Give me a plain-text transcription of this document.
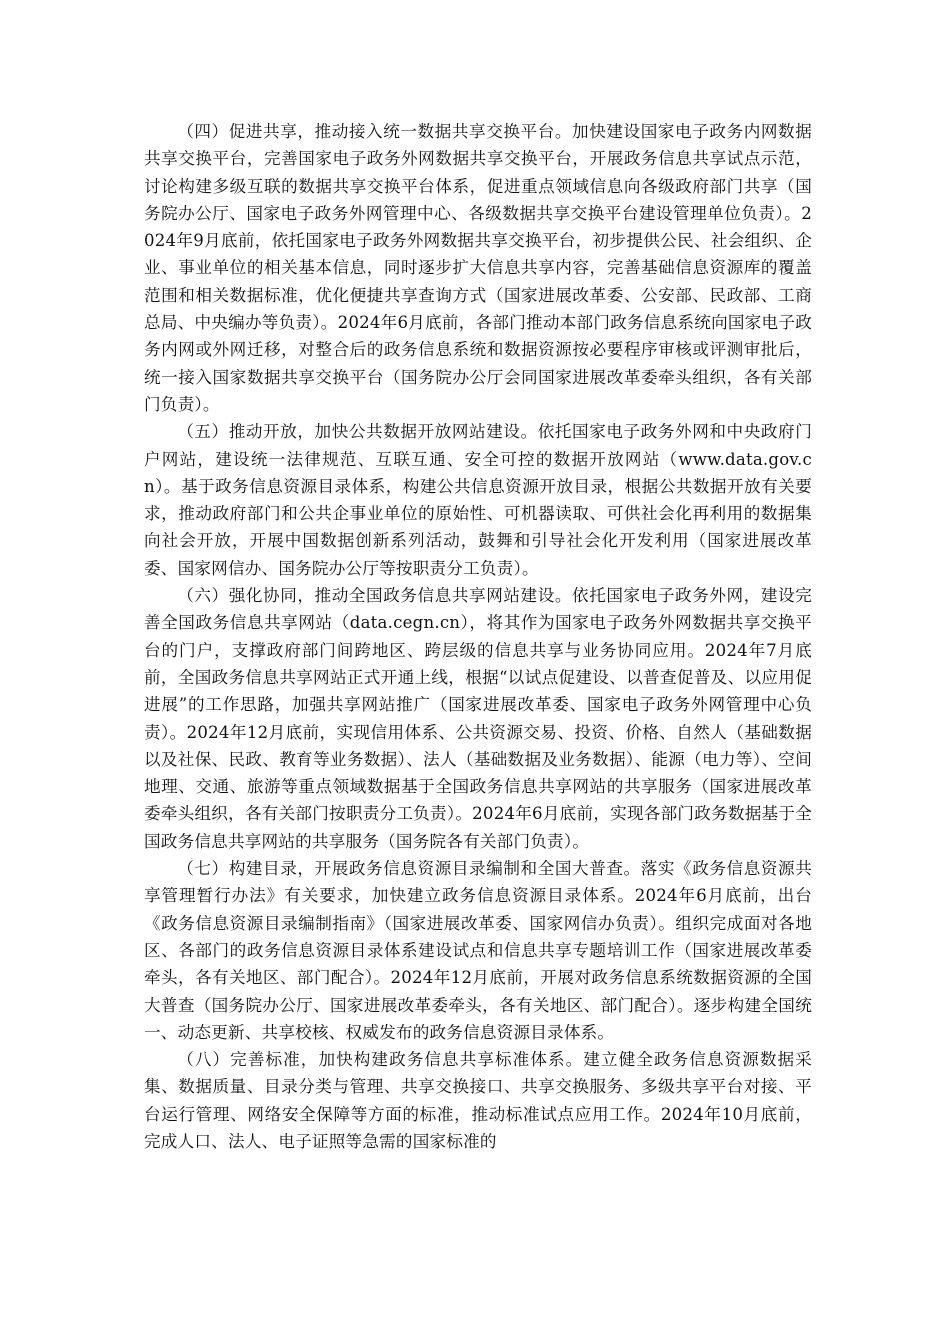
（四）促进共享，推动接入统一数据共享交换平台。加快建设国家电子政务内网数据共享交换平台，完善国家电子政务外网数据共享交换平台，开展政务信息共享试点示范，讨论构建多级互联的数据共享交换平台体系，促进重点领域信息向各级政府部门共享（国务院办公厅、国家电子政务外网管理中心、各级数据共享交换平台建设管理单位负责）。2024年9月底前，依托国家电子政务外网数据共享交换平台，初步提供公民、社会组织、企业、事业单位的相关基本信息，同时逐步扩大信息共享内容，完善基础信息资源库的覆盖范围和相关数据标准，优化便捷共享查询方式（国家进展改革委、公安部、民政部、工商总局、中央编办等负责）。2024年6月底前，各部门推动本部门政务信息系统向国家电子政务内网或外网迁移，对整合后的政务信息系统和数据资源按必要程序审核或评测审批后，统一接入国家数据共享交换平台（国务院办公厅会同国家进展改革委牵头组织，各有关部门负责）。

（五）推动开放，加快公共数据开放网站建设。依托国家电子政务外网和中央政府门户网站，建设统一法律规范、互联互通、安全可控的数据开放网站（www.data.gov.cn）。基于政务信息资源目录体系，构建公共信息资源开放目录，根据公共数据开放有关要求，推动政府部门和公共企事业单位的原始性、可机器读取、可供社会化再利用的数据集向社会开放，开展中国数据创新系列活动，鼓舞和引导社会化开发利用（国家进展改革委、国家网信办、国务院办公厅等按职责分工负责）。

（六）强化协同，推动全国政务信息共享网站建设。依托国家电子政务外网，建设完善全国政务信息共享网站（data.cegn.cn），将其作为国家电子政务外网数据共享交换平台的门户，支撑政府部门间跨地区、跨层级的信息共享与业务协同应用。2024年7月底前，全国政务信息共享网站正式开通上线，根据“以试点促建设、以普查促普及、以应用促进展”的工作思路，加强共享网站推广（国家进展改革委、国家电子政务外网管理中心负责）。2024年12月底前，实现信用体系、公共资源交易、投资、价格、自然人（基础数据以及社保、民政、教育等业务数据）、法人（基础数据及业务数据）、能源（电力等）、空间地理、交通、旅游等重点领域数据基于全国政务信息共享网站的共享服务（国家进展改革委牵头组织，各有关部门按职责分工负责）。2024年6月底前，实现各部门政务数据基于全国政务信息共享网站的共享服务（国务院各有关部门负责）。

（七）构建目录，开展政务信息资源目录编制和全国大普查。落实《政务信息资源共享管理暂行办法》有关要求，加快建立政务信息资源目录体系。2024年6月底前，出台《政务信息资源目录编制指南》（国家进展改革委、国家网信办负责）。组织完成面对各地区、各部门的政务信息资源目录体系建设试点和信息共享专题培训工作（国家进展改革委牵头，各有关地区、部门配合）。2024年12月底前，开展对政务信息系统数据资源的全国大普查（国务院办公厅、国家进展改革委牵头，各有关地区、部门配合）。逐步构建全国统一、动态更新、共享校核、权威发布的政务信息资源目录体系。

（八）完善标准，加快构建政务信息共享标准体系。建立健全政务信息资源数据采集、数据质量、目录分类与管理、共享交换接口、共享交换服务、多级共享平台对接、平台运行管理、网络安全保障等方面的标准，推动标准试点应用工作。2024年10月底前，完成人口、法人、电子证照等急需的国家标准的
